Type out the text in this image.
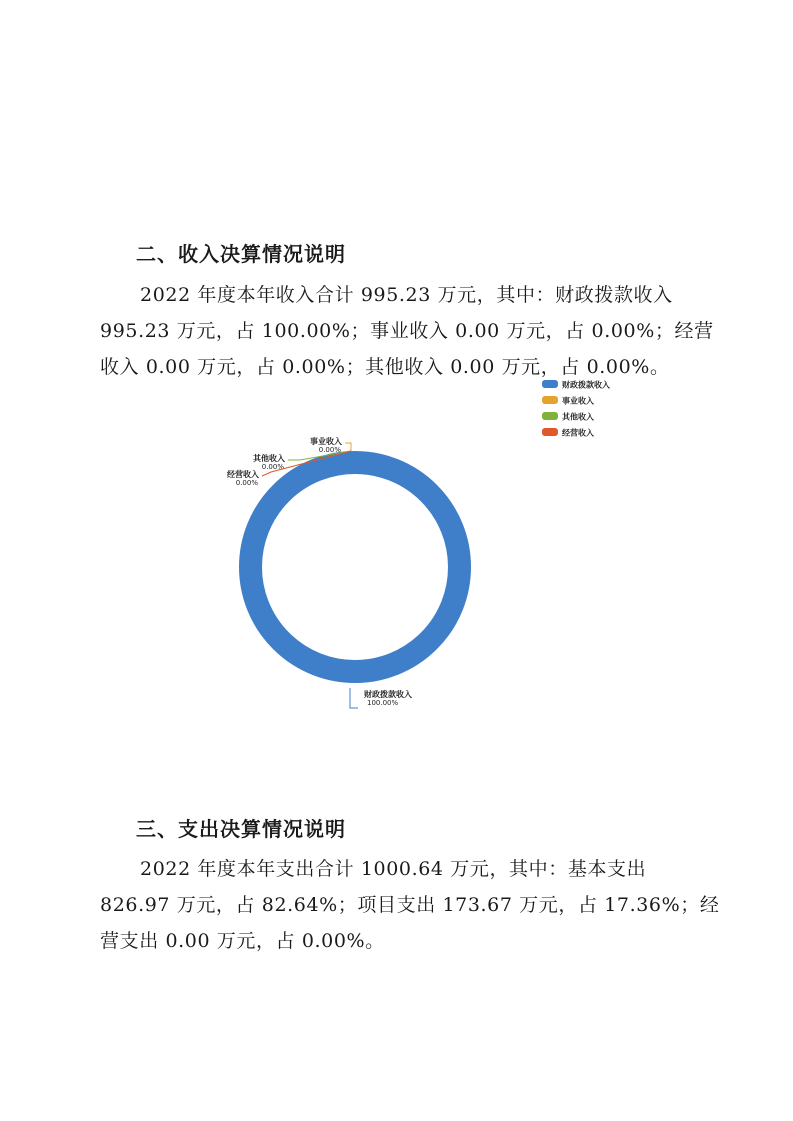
二、收入决算情况说明

2022 年度本年收入合计 995.23 万元，其中：财政拨款收入

995.23 万元，占 100.00%；事业收入 0.00 万元，占 0.00%；经营

收入 0.00 万元，占 0.00%；其他收入 0.00 万元，占 0.00%。

财政拨款收入
100.00%
事业收入
0.00%
其他收入
0.00%
经营收入
0.00%
财政拨款收入
事业收入
其他收入
经营收入
三、支出决算情况说明

2022 年度本年支出合计 1000.64 万元，其中：基本支出

826.97 万元，占 82.64%；项目支出 173.67 万元，占 17.36%；经

营支出 0.00 万元，占 0.00%。
